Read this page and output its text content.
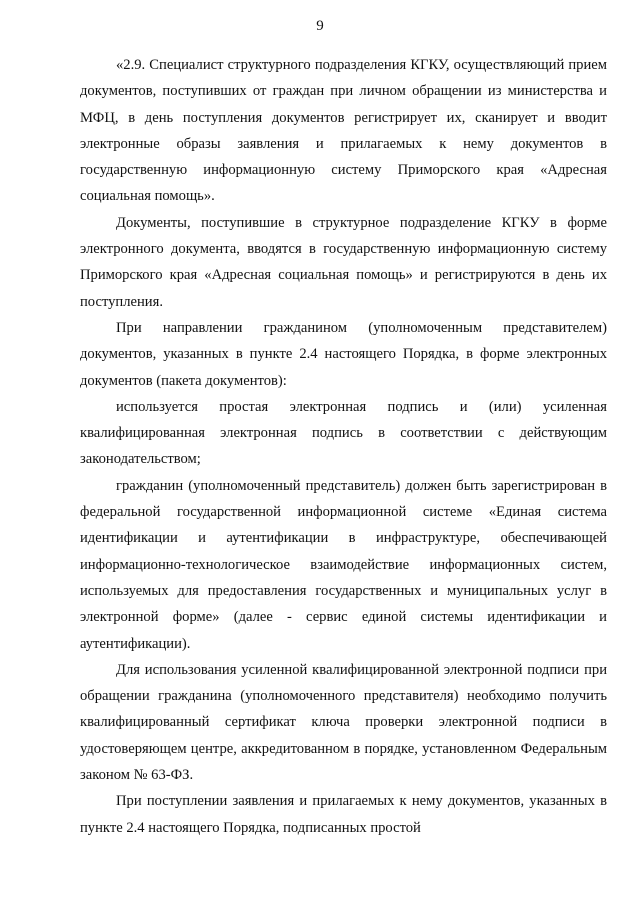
9

«2.9. Специалист структурного подразделения КГКУ, осуществляющий прием документов, поступивших от граждан при личном обращении из министерства и МФЦ, в день поступления документов регистрирует их, сканирует и вводит электронные образы заявления и прилагаемых к нему документов в государственную информационную систему Приморского края «Адресная социальная помощь».

Документы, поступившие в структурное подразделение КГКУ в форме электронного документа, вводятся в государственную информационную систему Приморского края «Адресная социальная помощь» и регистрируются в день их поступления.

При направлении гражданином (уполномоченным представителем) документов, указанных в пункте 2.4 настоящего Порядка, в форме электронных документов (пакета документов):

используется простая электронная подпись и (или) усиленная квалифицированная электронная подпись в соответствии с действующим законодательством;

гражданин (уполномоченный представитель) должен быть зарегистрирован в федеральной государственной информационной системе «Единая система идентификации и аутентификации в инфраструктуре, обеспечивающей информационно-технологическое взаимодействие информационных систем, используемых для предоставления государственных и муниципальных услуг в электронной форме» (далее - сервис единой системы идентификации и аутентификации).

Для использования усиленной квалифицированной электронной подписи при обращении гражданина (уполномоченного представителя) необходимо получить квалифицированный сертификат ключа проверки электронной подписи в удостоверяющем центре, аккредитованном в порядке, установленном Федеральным законом № 63-ФЗ.

При поступлении заявления и прилагаемых к нему документов, указанных в пункте 2.4 настоящего Порядка, подписанных простой
